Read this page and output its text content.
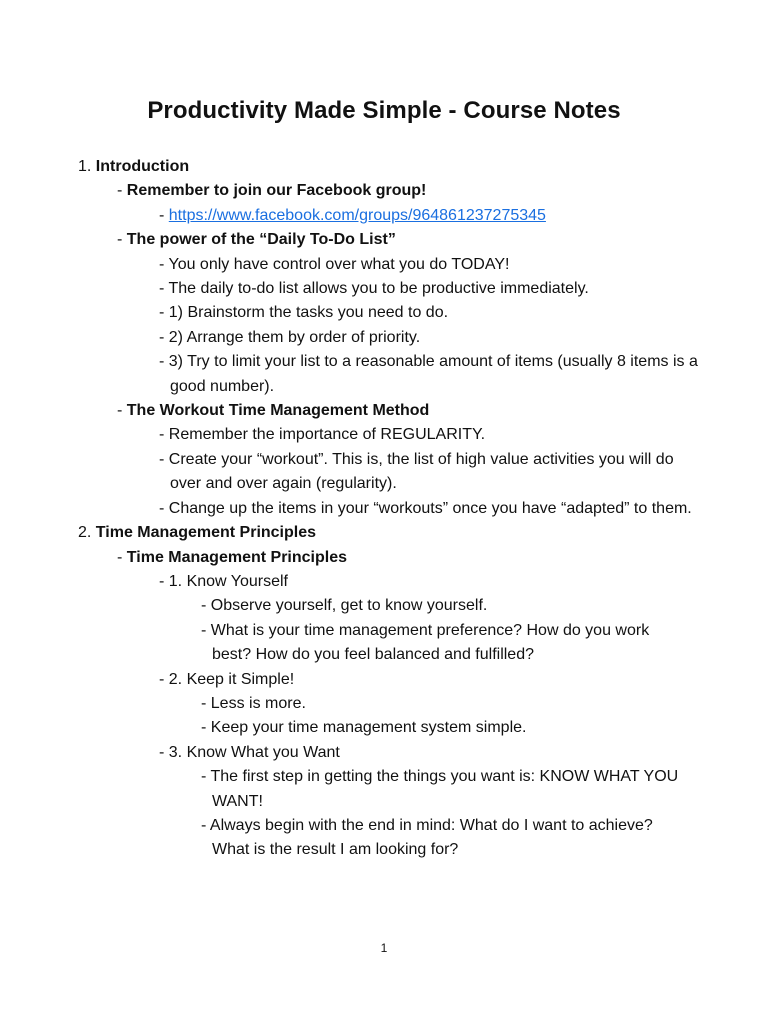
Productivity Made Simple - Course Notes
1. Introduction
- Remember to join our Facebook group!
- https://www.facebook.com/groups/964861237275345
- The power of the “Daily To-Do List”
- You only have control over what you do TODAY!
- The daily to-do list allows you to be productive immediately.
- 1) Brainstorm the tasks you need to do.
- 2) Arrange them by order of priority.
- 3) Try to limit your list to a reasonable amount of items (usually 8 items is a good number).
- The Workout Time Management Method
- Remember the importance of REGULARITY.
- Create your “workout”. This is, the list of high value activities you will do over and over again (regularity).
- Change up the items in your “workouts” once you have “adapted” to them.
2. Time Management Principles
- Time Management Principles
- 1. Know Yourself
- Observe yourself, get to know yourself.
- What is your time management preference? How do you work best? How do you feel balanced and fulfilled?
- 2. Keep it Simple!
- Less is more.
- Keep your time management system simple.
- 3. Know What you Want
- The first step in getting the things you want is: KNOW WHAT YOU WANT!
- Always begin with the end in mind: What do I want to achieve? What is the result I am looking for?
1
